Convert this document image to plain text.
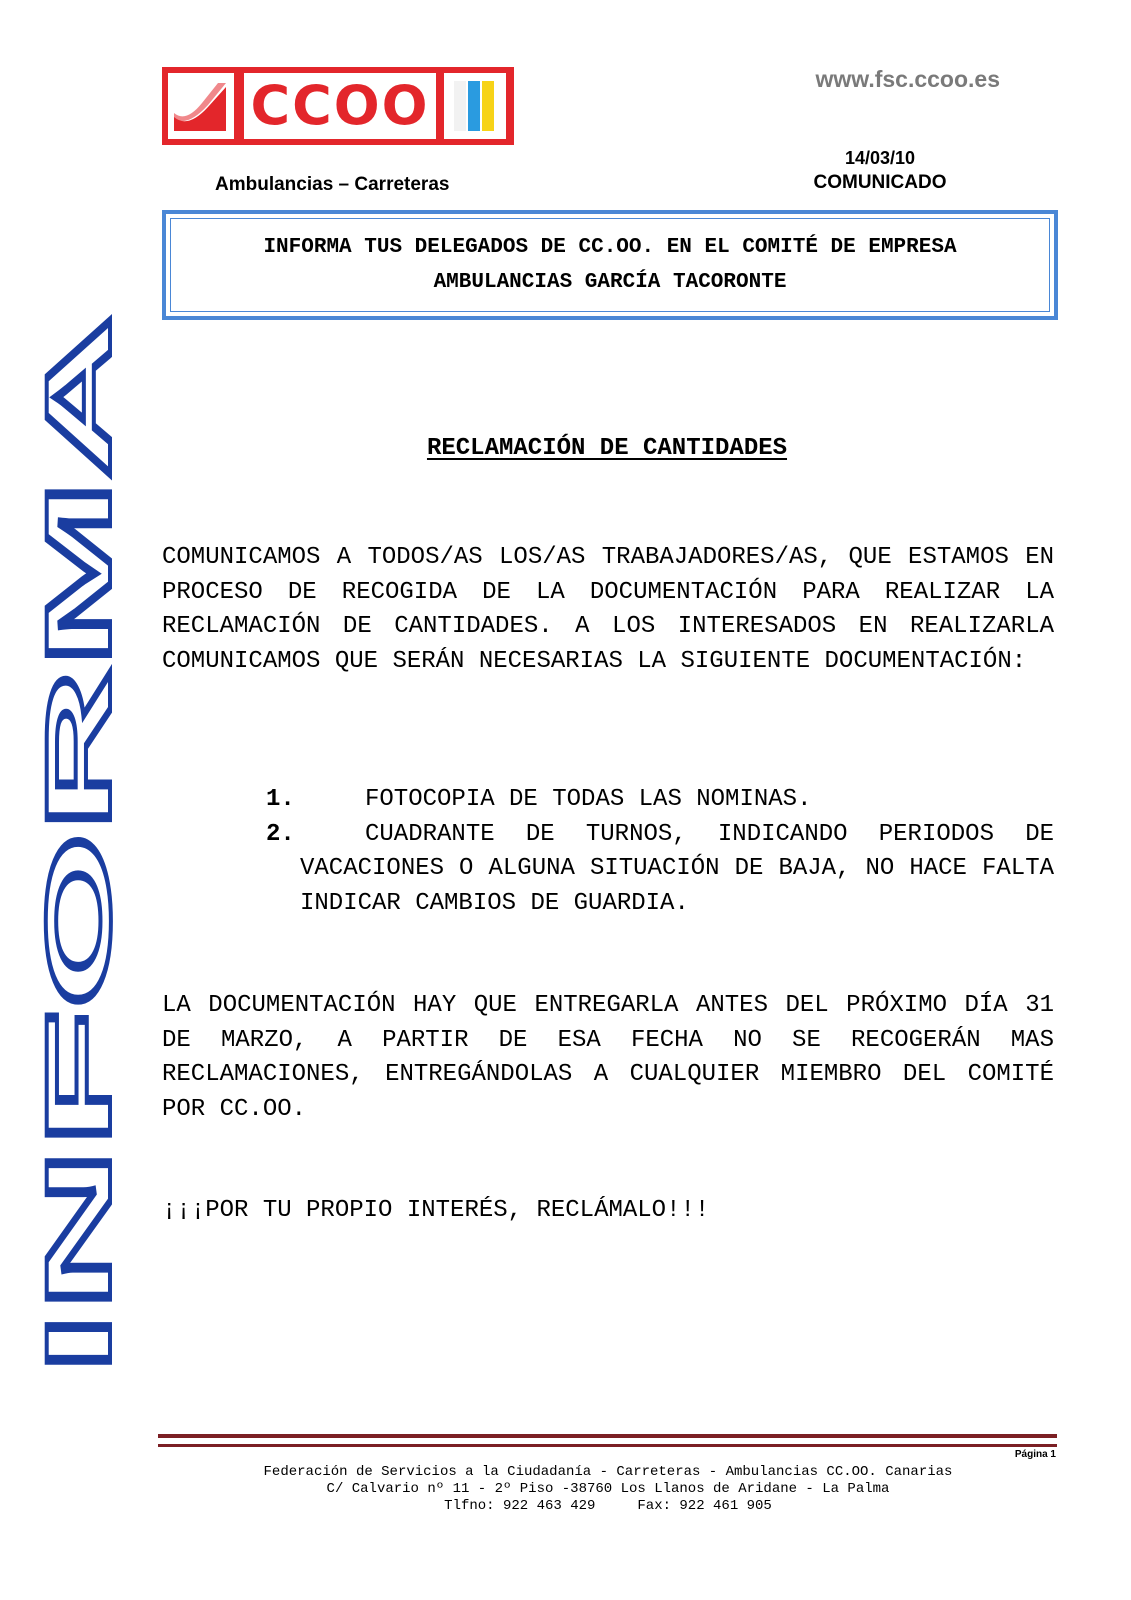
CCOO	www.fsc.ccoo.es
14/03/10
COMUNICADO
Ambulancias – Carreteras
INFORMA TUS DELEGADOS DE CC.OO. EN EL COMITÉ DE EMPRESA AMBULANCIAS GARCÍA TACORONTE
INFORMA
RECLAMACIÓN DE CANTIDADES
COMUNICAMOS A TODOS/AS LOS/AS TRABAJADORES/AS, QUE ESTAMOS EN PROCESO DE RECOGIDA DE LA DOCUMENTACIÓN PARA REALIZAR LA RECLAMACIÓN DE CANTIDADES. A LOS INTERESADOS EN REALIZARLA COMUNICAMOS QUE SERÁN NECESARIAS LA SIGUIENTE DOCUMENTACIÓN:
1.	FOTOCOPIA DE TODAS LAS NOMINAS.
2.	CUADRANTE DE TURNOS, INDICANDO PERIODOS DE VACACIONES O ALGUNA SITUACIÓN DE BAJA, NO HACE FALTA INDICAR CAMBIOS DE GUARDIA.
LA DOCUMENTACIÓN HAY QUE ENTREGARLA ANTES DEL PRÓXIMO DÍA 31 DE MARZO, A PARTIR DE ESA FECHA NO SE RECOGERÁN MAS RECLAMACIONES, ENTREGÁNDOLAS A CUALQUIER MIEMBRO DEL COMITÉ POR CC.OO.
¡¡¡POR TU PROPIO INTERÉS, RECLÁMALO!!!
Página 1
Federación de Servicios a la Ciudadanía - Carreteras - Ambulancias CC.OO. Canarias
C/ Calvario nº 11 - 2º Piso -38760 Los Llanos de Aridane - La Palma
Tlfno: 922 463 429     Fax: 922 461 905
